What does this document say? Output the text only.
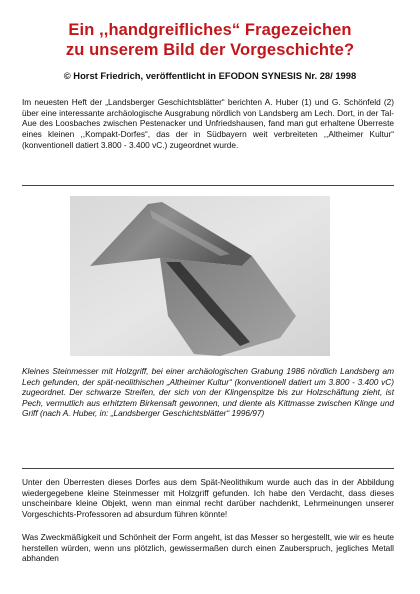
Ein ,,handgreifliches“ Fragezeichen
zu unserem Bild der Vorgeschichte?
© Horst Friedrich, veröffentlicht in EFODON SYNESIS Nr. 28/ 1998
Im neuesten Heft der „Landsberger Geschichtsblätter“ berichten A. Huber (1) und G. Schönfeld (2) über eine interessante archäologische Ausgrabung nördlich von Landsberg am Lech. Dort, in der Tal-Aue des Loosbaches zwischen Pestenacker und Unfriedshausen, fand man gut erhaltene Überreste eines kleinen ,,Kompakt-Dorfes“, das der in Südbayern weit verbreiteten ,,Altheimer Kultur“ (konventionell datiert 3.800 - 3.400 vC.) zugeordnet wurde.
Kleines Steinmesser mit Holzgriff, bei einer archäologischen Grabung 1986 nördlich Landsberg am Lech gefunden, der spät-neolithischen „Altheimer Kultur“ (konventionell datiert um 3.800 - 3.400 vC) zugeordnet. Der schwarze Streifen, der sich von der Klingenspitze bis zur Holzschäftung zieht, ist Pech, vermutlich aus erhitztem Birkensaft gewonnen, und diente als Kittmasse zwischen Klinge und Griff (nach A. Huber, in: „Landsberger Geschichtsblätter“ 1996/97)
Unter den Überresten dieses Dorfes aus dem Spät-Neolithikum wurde auch das in der Abbildung wiedergegebene kleine Steinmesser mit Holzgriff gefunden. Ich habe den Verdacht, dass dieses unscheinbare kleine Objekt, wenn man einmal recht darüber nachdenkt, Lehrmeinungen unserer Vorgeschichts-Professoren ad absurdum führen könnte!
Was Zweckmäßigkeit und Schönheit der Form angeht, ist das Messer so hergestellt, wie wir es heute herstellen würden, wenn uns plötzlich, gewissermaßen durch einen Zauberspruch, jegliches Metall abhanden
